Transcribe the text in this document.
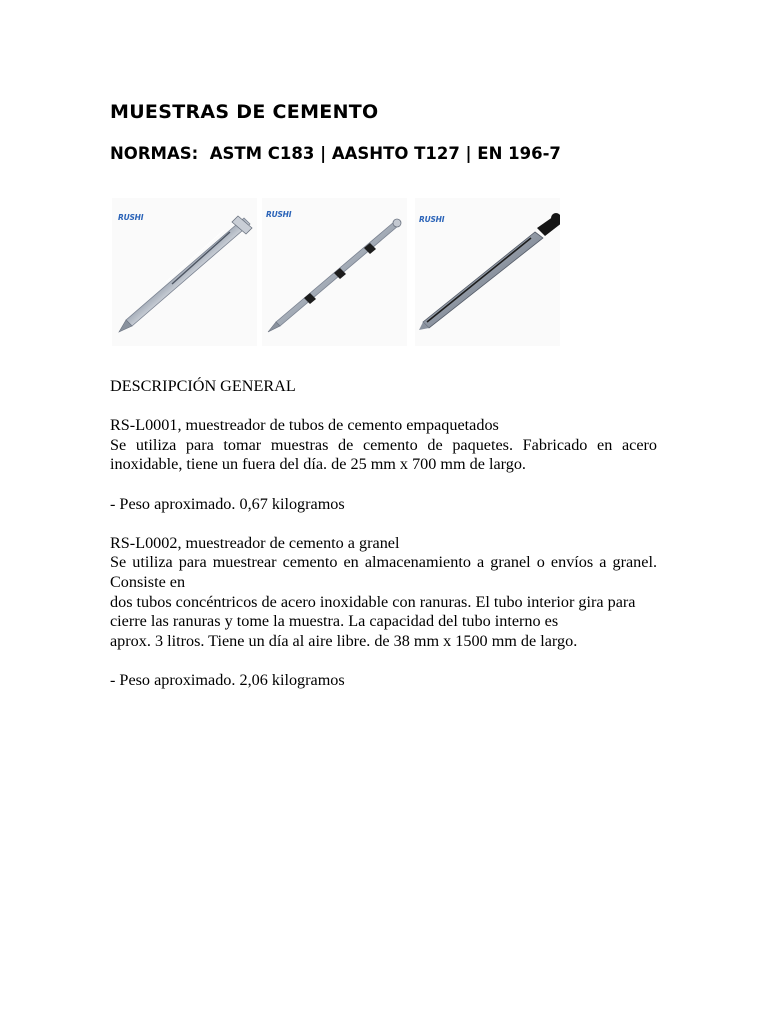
MUESTRAS DE CEMENTO
NORMAS:  ASTM C183 | AASHTO T127 | EN 196-7
RUSHI	RUSHI
RUSHI

DESCRIPCIÓN GENERAL

RS-L0001, muestreador de tubos de cemento empaquetados

Se utiliza para tomar muestras de cemento de paquetes. Fabricado en acero inoxidable, tiene un fuera del día. de 25 mm x 700 mm de largo.

- Peso aproximado. 0,67 kilogramos

RS-L0002, muestreador de cemento a granel

Se utiliza para muestrear cemento en almacenamiento a granel o envíos a granel. Consiste en

dos tubos concéntricos de acero inoxidable con ranuras. El tubo interior gira para

cierre las ranuras y tome la muestra. La capacidad del tubo interno es

aprox. 3 litros. Tiene un día al aire libre. de 38 mm x 1500 mm de largo.

- Peso aproximado. 2,06 kilogramos
